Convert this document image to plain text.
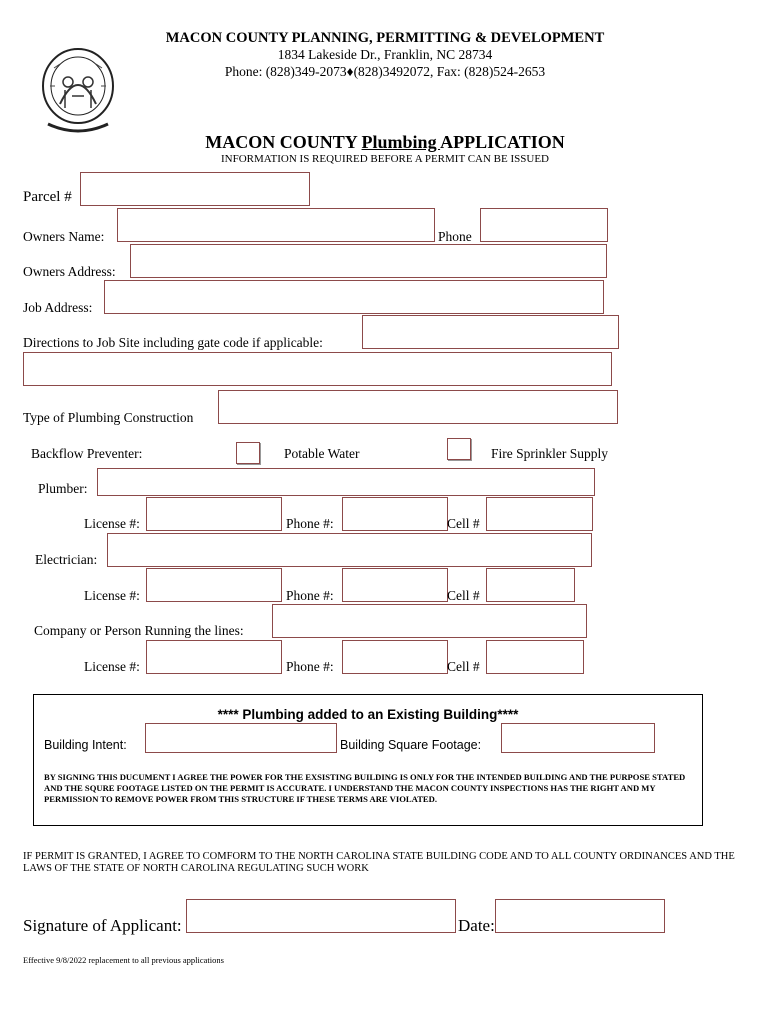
MACON COUNTY PLANNING, PERMITTING & DEVELOPMENT
1834 Lakeside Dr., Franklin, NC 28734
Phone: (828)349-2073♦(828)3492072, Fax: (828)524-2653
MACON COUNTY Plumbing APPLICATION
INFORMATION IS REQUIRED BEFORE A PERMIT CAN BE ISSUED
Parcel #
Owners Name:	Phone
Owners Address:
Job Address:
Directions to Job Site including gate code if applicable:
Type of Plumbing Construction
Backflow Preventer:	Potable Water	Fire Sprinkler Supply
Plumber:
License #:	Phone #:	Cell #
Electrician:
License #:	Phone #:	Cell #
Company or Person Running the lines:
License #:	Phone #:	Cell #
**** Plumbing added to an Existing Building****
Building Intent:	Building Square Footage:
BY SIGNING THIS DUCUMENT I AGREE THE POWER FOR THE EXSISTING BUILDING IS ONLY FOR THE INTENDED BUILDING AND THE PURPOSE STATED AND THE SQURE FOOTAGE LISTED ON THE PERMIT IS ACCURATE. I UNDERSTAND THE MACON COUNTY INSPECTIONS HAS THE RIGHT AND MY PERMISSION TO REMOVE POWER FROM THIS STRUCTURE IF THESE TERMS ARE VIOLATED.
IF PERMIT IS GRANTED, I AGREE TO COMFORM TO THE NORTH CAROLINA STATE BUILDING CODE AND TO ALL COUNTY ORDINANCES AND THE LAWS OF THE STATE OF NORTH CAROLINA REGULATING SUCH WORK
Signature of Applicant:	Date:
Effective 9/8/2022 replacement to all previous applications
